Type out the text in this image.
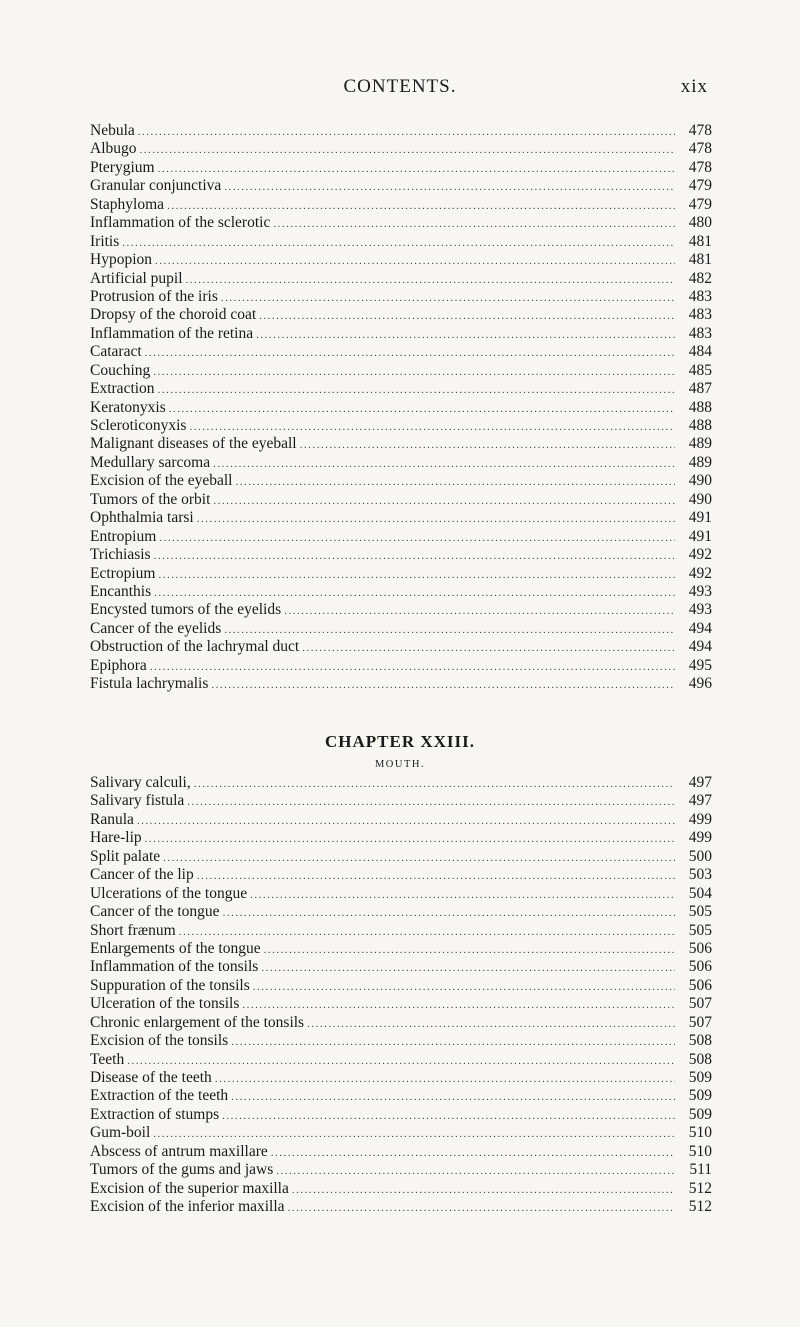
CONTENTS.	xix
Nebula .....	478
Albugo .....	478
Pterygium .....	478
Granular conjunctiva .....	479
Staphyloma .....	479
Inflammation of the sclerotic .....	480
Iritis .....	481
Hypopion .....	481
Artificial pupil .....	482
Protrusion of the iris .....	483
Dropsy of the choroid coat .....	483
Inflammation of the retina .....	483
Cataract .....	484
Couching .....	485
Extraction .....	487
Keratonyxis .....	488
Scleroticonyxis .....	488
Malignant diseases of the eyeball .....	489
Medullary sarcoma .....	489
Excision of the eyeball .....	490
Tumors of the orbit .....	490
Ophthalmia tarsi .....	491
Entropium .....	491
Trichiasis .....	492
Ectropium .....	492
Encanthis .....	493
Encysted tumors of the eyelids .....	493
Cancer of the eyelids .....	494
Obstruction of the lachrymal duct .....	494
Epiphora .....	495
Fistula lachrymalis .....	496
CHAPTER XXIII.
MOUTH.
Salivary calculi, .....	497
Salivary fistula .....	497
Ranula .....	499
Hare-lip .....	499
Split palate .....	500
Cancer of the lip .....	503
Ulcerations of the tongue .....	504
Cancer of the tongue .....	505
Short frænum .....	505
Enlargements of the tongue .....	506
Inflammation of the tonsils .....	506
Suppuration of the tonsils .....	506
Ulceration of the tonsils .....	507
Chronic enlargement of the tonsils .....	507
Excision of the tonsils .....	508
Teeth .....	508
Disease of the teeth .....	509
Extraction of the teeth .....	509
Extraction of stumps .....	509
Gum-boil .....	510
Abscess of antrum maxillare .....	510
Tumors of the gums and jaws .....	511
Excision of the superior maxilla .....	512
Excision of the inferior maxilla .....	512
